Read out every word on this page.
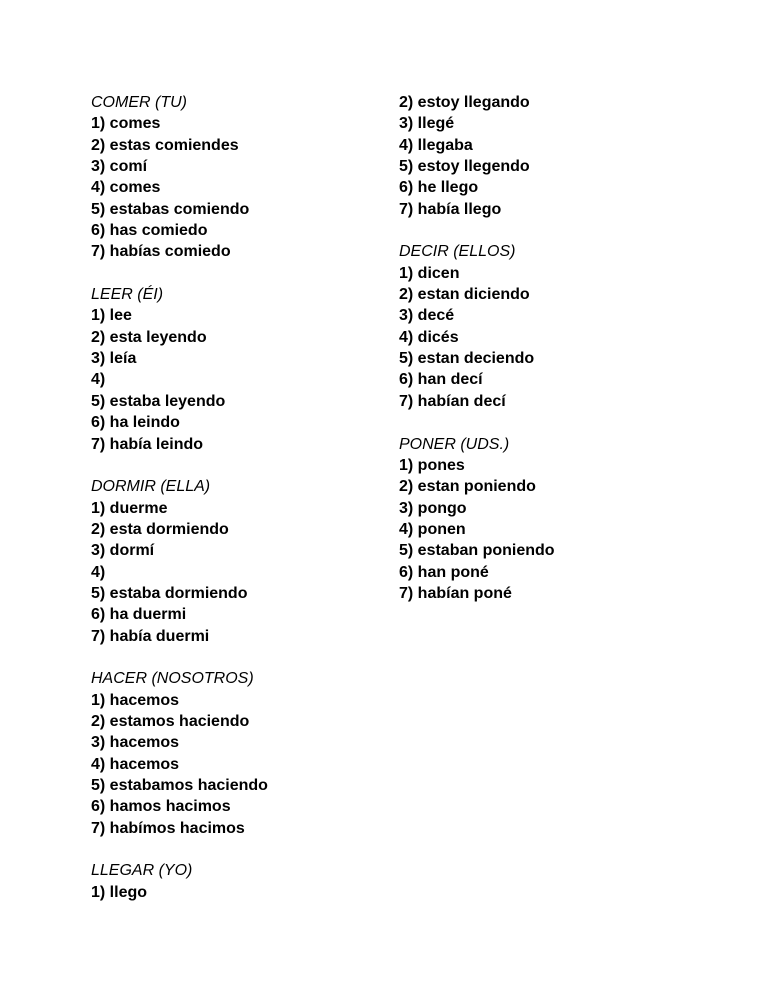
COMER (TU)
1) comes
2) estas comiendes
3) comí
4) comes
5) estabas comiendo
6) has comiedo
7) habías comiedo
LEER (ÉI)
1) lee
2) esta leyendo
3) leía
4)
5) estaba leyendo
6) ha leindo
7) había leindo
DORMIR (ELLA)
1) duerme
2) esta dormiendo
3) dormí
4)
5) estaba dormiendo
6) ha duermi
7) había duermi
HACER (NOSOTROS)
1) hacemos
2) estamos haciendo
3) hacemos
4) hacemos
5) estabamos haciendo
6) hamos hacimos
7) habímos hacimos
LLEGAR (YO)
1) llego
2) estoy llegando
3) llegé
4) llegaba
5) estoy llegendo
6) he llego
7) había llego
DECIR (ELLOS)
1) dicen
2) estan diciendo
3) decé
4) dicés
5) estan deciendo
6) han decí
7) habían decí
PONER (UDS.)
1) pones
2) estan poniendo
3) pongo
4) ponen
5) estaban poniendo
6) han poné
7) habían poné
